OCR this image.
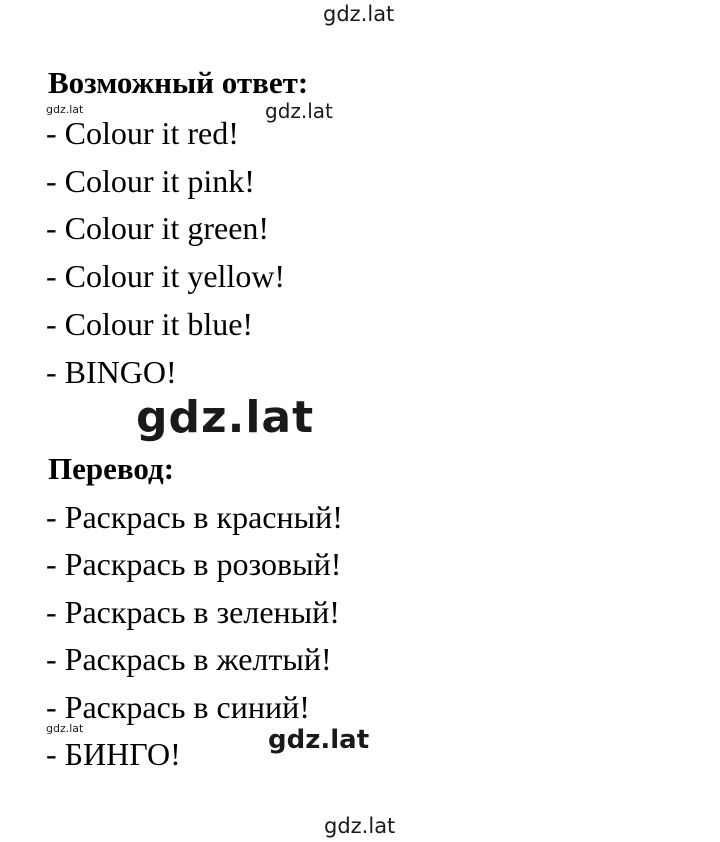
gdz.lat
Возможный ответ:
- Colour it red!
- Colour it pink!
- Colour it green!
- Colour it yellow!
- Colour it blue!
- BINGO!
gdz.lat	gdz.lat
gdz.lat
Перевод:
- Раскрась в красный!
- Раскрась в розовый!
- Раскрась в зеленый!
- Раскрась в желтый!
- Раскрась в синий!
- БИНГО!
gdz.lat	gdz.lat
gdz.lat
